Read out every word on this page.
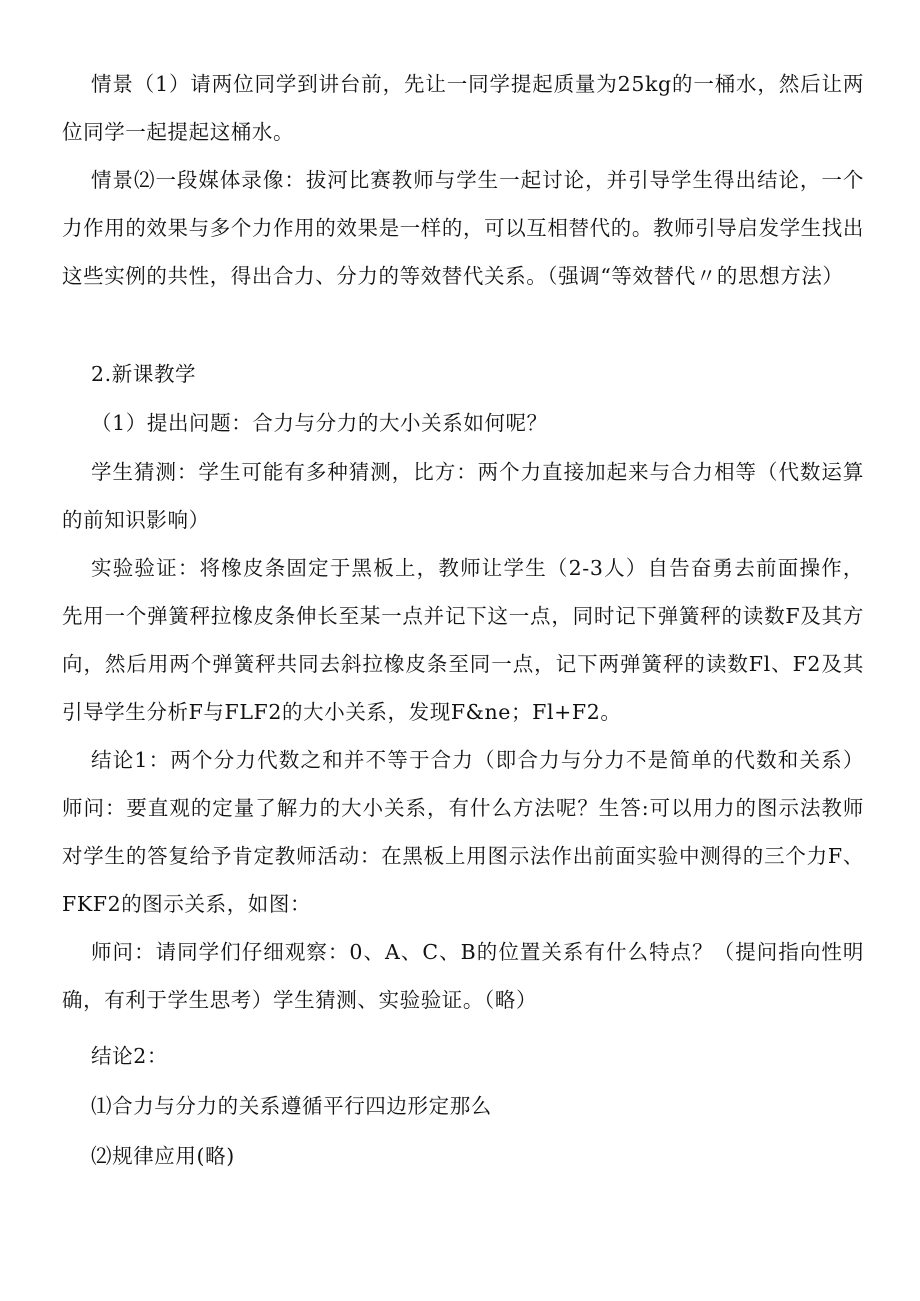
情景（1）请两位同学到讲台前，先让一同学提起质量为25kg的一桶水，然后让两位同学一起提起这桶水。

情景⑵一段媒体录像：拔河比赛教师与学生一起讨论，并引导学生得出结论，一个力作用的效果与多个力作用的效果是一样的，可以互相替代的。教师引导启发学生找出这些实例的共性，得出合力、分力的等效替代关系。（强调“等效替代〃的思想方法）

2.新课教学

（1）提出问题：合力与分力的大小关系如何呢？

学生猜测：学生可能有多种猜测，比方：两个力直接加起来与合力相等（代数运算的前知识影响）

实验验证：将橡皮条固定于黑板上，教师让学生（2-3人）自告奋勇去前面操作，先用一个弹簧秤拉橡皮条伸长至某一点并记下这一点，同时记下弹簧秤的读数F及其方向，然后用两个弹簧秤共同去斜拉橡皮条至同一点，记下两弹簧秤的读数Fl、F2及其引导学生分析F与FLF2的大小关系，发现F&ne；Fl+F2。

结论1：两个分力代数之和并不等于合力（即合力与分力不是简单的代数和关系）师问：要直观的定量了解力的大小关系，有什么方法呢？生答:可以用力的图示法教师对学生的答复给予肯定教师活动：在黑板上用图示法作出前面实验中测得的三个力F、FKF2的图示关系，如图：

师问：请同学们仔细观察：0、A、C、B的位置关系有什么特点？（提问指向性明确，有利于学生思考）学生猜测、实验验证。（略）

结论2：

⑴合力与分力的关系遵循平行四边形定那么

⑵规律应用(略)
